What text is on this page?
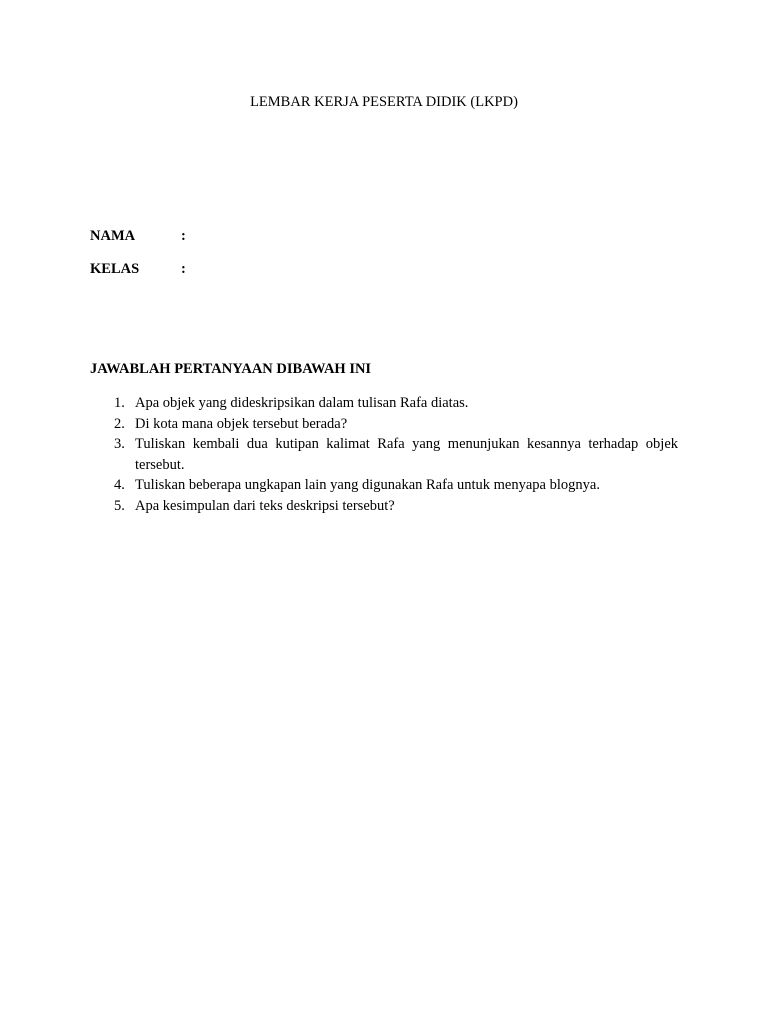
LEMBAR KERJA PESERTA DIDIK (LKPD)
NAMA	:
KELAS	:
JAWABLAH PERTANYAAN DIBAWAH INI
1. Apa objek yang dideskripsikan dalam tulisan Rafa diatas.
2. Di kota mana objek tersebut berada?
3. Tuliskan kembali dua kutipan kalimat Rafa yang menunjukan kesannya terhadap objek tersebut.
4. Tuliskan beberapa ungkapan lain yang digunakan Rafa untuk menyapa blognya.
5. Apa kesimpulan dari teks deskripsi tersebut?
